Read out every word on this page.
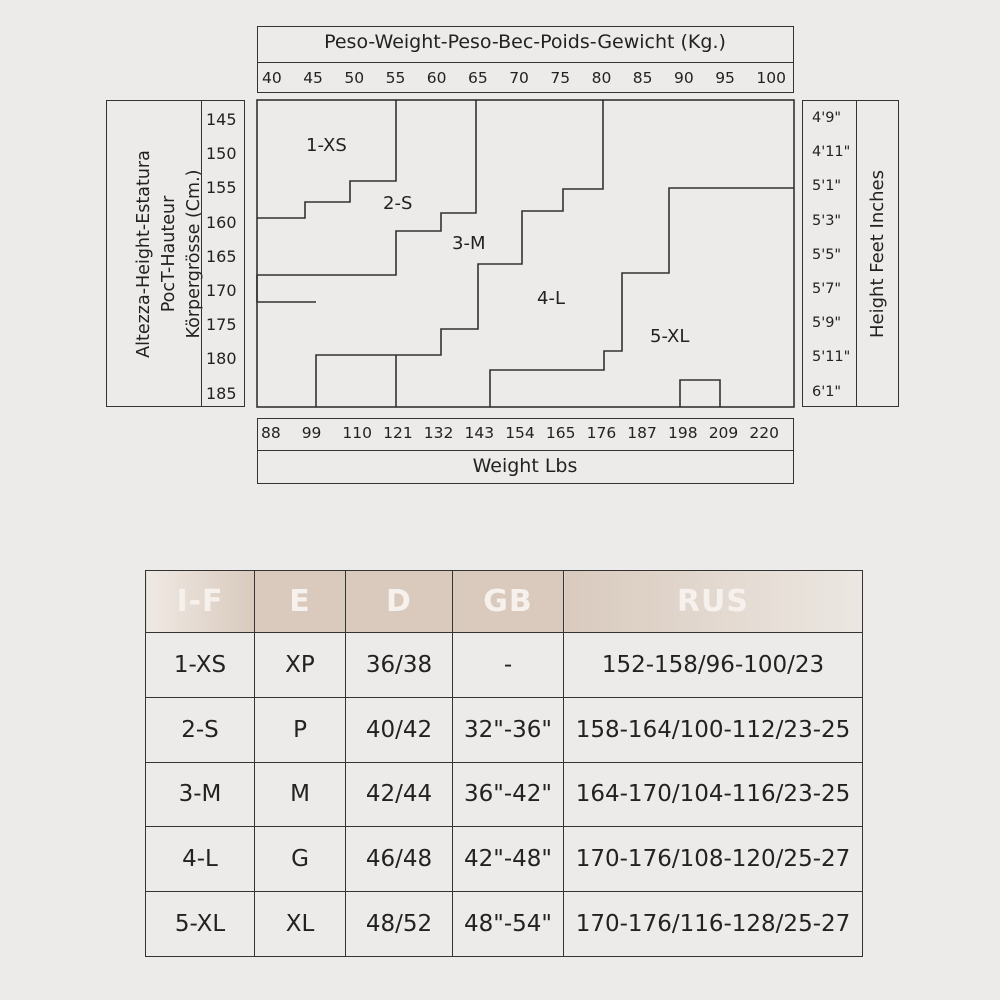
Peso-Weight-Peso-Bec-Poids-Gewicht (Kg.)
40 45 50 55 60 65 70 75 80 85 90 95 100
Altezza-Height-Estatura PocT-Hauteur Körpergrösse (Cm.)
145
150
155
160
165
170
175
180
185
4'9"
4'11"
5'1"
5'3"
5'5"
5'7"
5'9"
5'11"
6'1"
Height Feet Inches
1-XS
2-S
3-M
4-L
5-XL
88 99 110 121 132 143 154 165 176 187 198 209 220
Weight Lbs
I-F	E	D	GB	RUS
1-XS	XP	36/38	-	152-158/96-100/23
2-S	P	40/42	32"-36"	158-164/100-112/23-25
3-M	M	42/44	36"-42"	164-170/104-116/23-25
4-L	G	46/48	42"-48"	170-176/108-120/25-27
5-XL	XL	48/52	48"-54"	170-176/116-128/25-27
